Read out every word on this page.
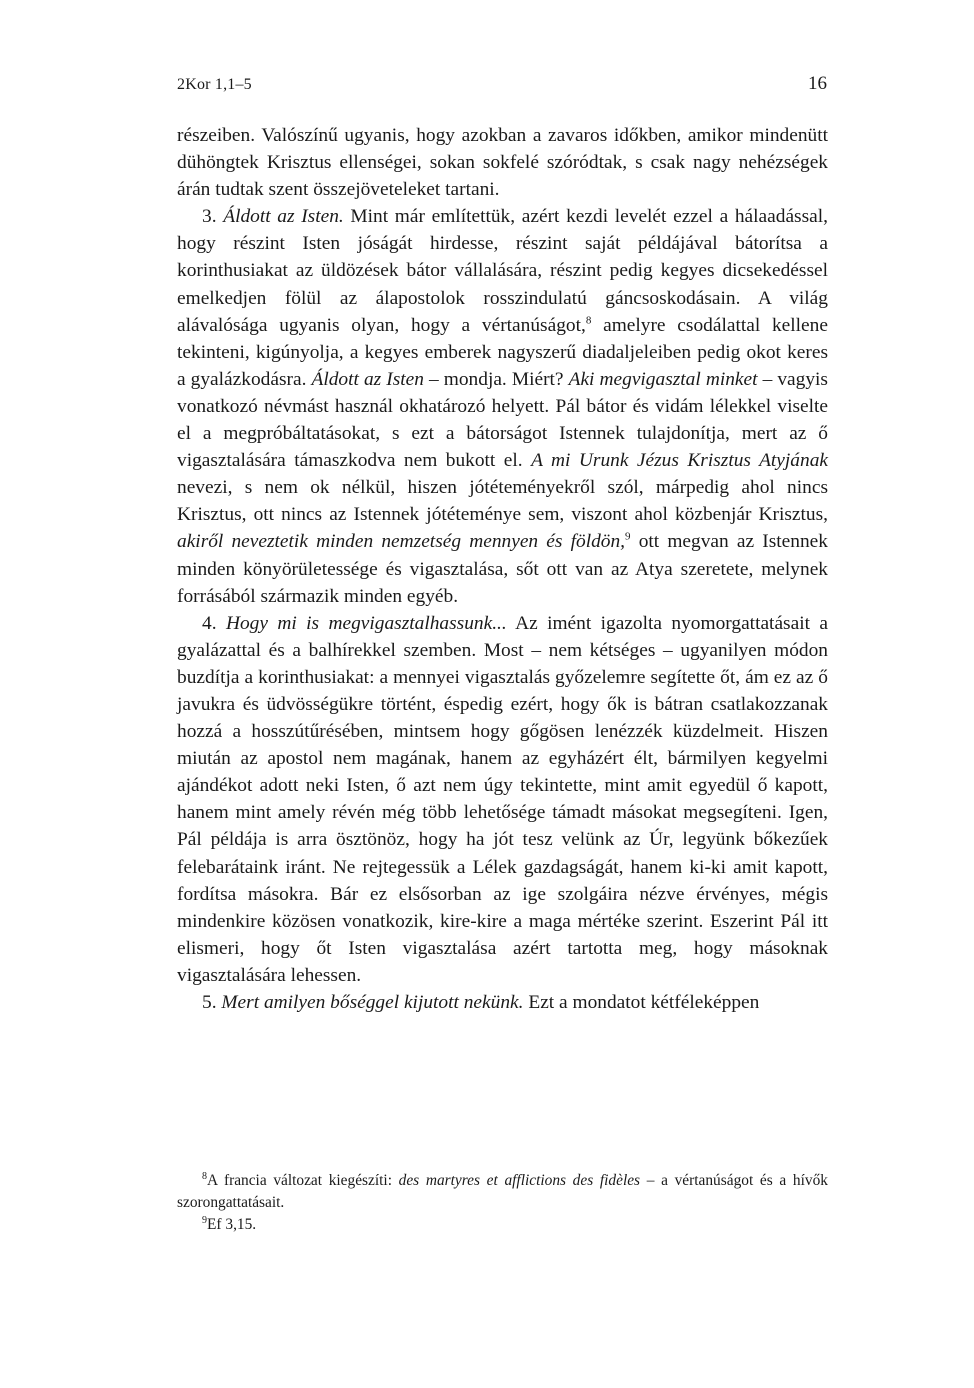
2Kor 1,1–5	16

részeiben. Valószínű ugyanis, hogy azokban a zavaros időkben, amikor mindenütt dühöngtek Krisztus ellenségei, sokan sokfelé szóródtak, s csak nagy nehézségek árán tudtak szent összejöveteleket tartani.

3. Áldott az Isten. Mint már említettük, azért kezdi levelét ezzel a hálaadással, hogy részint Isten jóságát hirdesse, részint saját példájával bátorítsa a korinthusiakat az üldözések bátor vállalására, részint pedig kegyes dicsekedéssel emelkedjen fölül az álapostolok rosszindulatú gáncsoskodásain. A világ alávalósága ugyanis olyan, hogy a vértanúságot,$^8$ amelyre csodálattal kellene tekinteni, kigúnyolja, a kegyes emberek nagyszerű diadaljeleiben pedig okot keres a gyalázkodásra. Áldott az Isten – mondja. Miért? Aki megvigasztal minket – vagyis vonatkozó névmást használ okhatározó helyett. Pál bátor és vidám lélekkel viselte el a megpróbáltatásokat, s ezt a bátorságot Istennek tulajdonítja, mert az ő vigasztalására támaszkodva nem bukott el. A mi Urunk Jézus Krisztus Atyjának nevezi, s nem ok nélkül, hiszen jótéteményekről szól, márpedig ahol nincs Krisztus, ott nincs az Istennek jótéteménye sem, viszont ahol közbenjár Krisztus, akiről neveztetik minden nemzetség mennyen és földön,$^9$ ott megvan az Istennek minden könyörületessége és vigasztalása, sőt ott van az Atya szeretete, melynek forrásából származik minden egyéb.

4. Hogy mi is megvigasztalhassunk... Az imént igazolta nyomorgattatásait a gyalázattal és a balhírekkel szemben. Most – nem kétséges – ugyanilyen módon buzdítja a korinthusiakat: a mennyei vigasztalás győzelemre segítette őt, ám ez az ő javukra és üdvösségükre történt, éspedig ezért, hogy ők is bátran csatlakozzanak hozzá a hosszútűrésében, mintsem hogy gőgösen lenézzék küzdelmeit. Hiszen miután az apostol nem magának, hanem az egyházért élt, bármilyen kegyelmi ajándékot adott neki Isten, ő azt nem úgy tekintette, mint amit egyedül ő kapott, hanem mint amely révén még több lehetősége támadt másokat megsegíteni. Igen, Pál példája is arra ösztönöz, hogy ha jót tesz velünk az Úr, legyünk bőkezűek felebarátaink iránt. Ne rejtegessük a Lélek gazdagságát, hanem ki-ki amit kapott, fordítsa másokra. Bár ez elsősorban az ige szolgáira nézve érvényes, mégis mindenkire közösen vonatkozik, kire-kire a maga mértéke szerint. Eszerint Pál itt elismeri, hogy őt Isten vigasztalása azért tartotta meg, hogy másoknak vigasztalására lehessen.

5. Mert amilyen bőséggel kijutott nekünk. Ezt a mondatot kétféleképpen

$^8$A francia változat kiegészíti: des martyres et afflictions des fidèles – a vértanúságot és a hívők szorongattatásait.

$^9$Ef 3,15.
